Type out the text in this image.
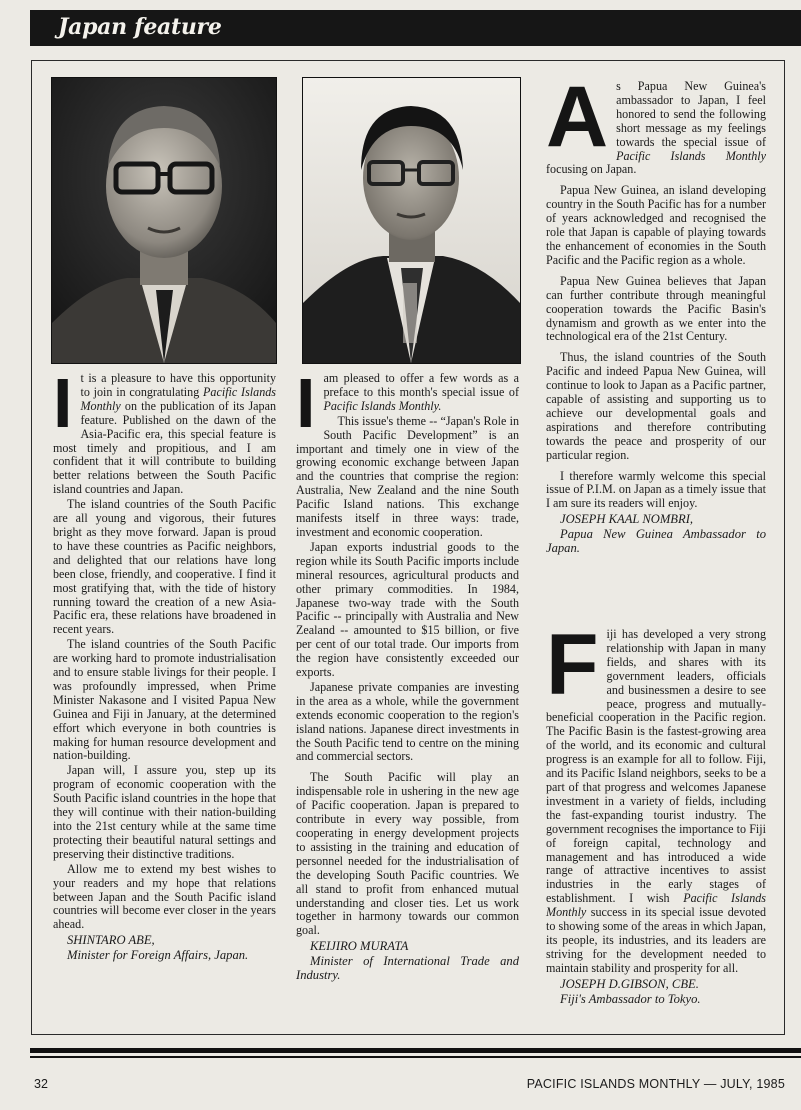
Japan feature
I t is a pleasure to have this opportunity to join in congratulating Pacific Islands Monthly on the publication of its Japan feature. Published on the dawn of the Asia-Pacific era, this special feature is most timely and propitious, and I am confident that it will contribute to building better relations between the South Pacific island countries and Japan.

The island countries of the South Pacific are all young and vigorous, their futures bright as they move forward. Japan is proud to have these countries as Pacific neighbors, and delighted that our relations have long been close, friendly, and cooperative. I find it most gratifying that, with the tide of history running toward the creation of a new Asia-Pacific era, these relations have broadened in recent years.

The island countries of the South Pacific are working hard to promote industrialisation and to ensure stable livings for their people. I was profoundly impressed, when Prime Minister Nakasone and I visited Papua New Guinea and Fiji in January, at the determined effort which everyone in both countries is making for human resource development and nation-building.

Japan will, I assure you, step up its program of economic cooperation with the South Pacific island countries in the hope that they will continue with their nation-building into the 21st century while at the same time protecting their beautiful natural settings and preserving their distinctive traditions.

Allow me to extend my best wishes to your readers and my hope that relations between Japan and the South Pacific island countries will become ever closer in the years ahead.

SHINTARO ABE,

Minister for Foreign Affairs, Japan.

I am pleased to offer a few words as a preface to this month's special issue of Pacific Islands Monthly.

This issue's theme -- “Japan's Role in South Pacific Development” is an important and timely one in view of the growing economic exchange between Japan and the countries that comprise the region: Australia, New Zealand and the nine South Pacific Island nations. This exchange manifests itself in three ways: trade, investment and economic cooperation.

Japan exports industrial goods to the region while its South Pacific imports include mineral resources, agricultural products and other primary commodities. In 1984, Japanese two-way trade with the South Pacific -- principally with Australia and New Zealand -- amounted to $15 billion, or five per cent of our total trade. Our imports from the region have consistently exceeded our exports.

Japanese private companies are investing in the area as a whole, while the government extends economic cooperation to the region's island nations. Japanese direct investments in the South Pacific tend to centre on the mining and commercial sectors.

The South Pacific will play an indispensable role in ushering in the new age of Pacific cooperation. Japan is prepared to contribute in every way possible, from cooperating in energy development projects to assisting in the training and education of personnel needed for the industrialisation of the developing South Pacific countries. We all stand to profit from enhanced mutual understanding and closer ties. Let us work together in harmony towards our common goal.

KEIJIRO MURATA

Minister of International Trade and Industry.

A s Papua New Guinea's ambassador to Japan, I feel honored to send the following short message as my feelings towards the special issue of Pacific Islands Monthly focusing on Japan.

Papua New Guinea, an island developing country in the South Pacific has for a number of years acknowledged and recognised the role that Japan is capable of playing towards the enhancement of economies in the South Pacific and the Pacific region as a whole.

Papua New Guinea believes that Japan can further contribute through meaningful cooperation towards the Pacific Basin's dynamism and growth as we enter into the technological era of the 21st Century.

Thus, the island countries of the South Pacific and indeed Papua New Guinea, will continue to look to Japan as a Pacific partner, capable of assisting and supporting us to achieve our developmental goals and aspirations and therefore contributing towards the peace and prosperity of our particular region.

I therefore warmly welcome this special issue of P.I.M. on Japan as a timely issue that I am sure its readers will enjoy.

JOSEPH KAAL NOMBRI,

Papua New Guinea Ambassador to Japan.

F iji has developed a very strong relationship with Japan in many fields, and shares with its government leaders, officials and businessmen a desire to see peace, progress and mutually-beneficial cooperation in the Pacific region. The Pacific Basin is the fastest-growing area of the world, and its economic and cultural progress is an example for all to follow. Fiji, and its Pacific Island neighbors, seeks to be a part of that progress and welcomes Japanese investment in a variety of fields, including the fast-expanding tourist industry. The government recognises the importance to Fiji of foreign capital, technology and management and has introduced a wide range of attractive incentives to assist industries in the early stages of establishment. I wish Pacific Islands Monthly success in its special issue devoted to showing some of the areas in which Japan, its people, its industries, and its leaders are striving for the development needed to maintain stability and prosperity for all.

JOSEPH D.GIBSON, CBE.

Fiji's Ambassador to Tokyo.

32	PACIFIC ISLANDS MONTHLY — JULY, 1985
